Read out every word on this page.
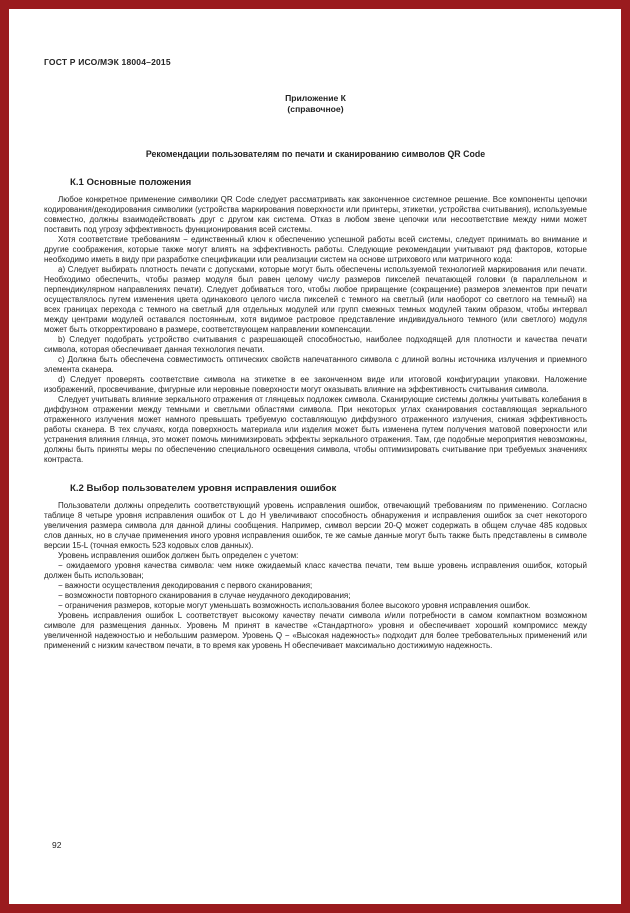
ГОСТ Р ИСО/МЭК 18004–2015
Приложение К
(справочное)
Рекомендации пользователям по печати и сканированию символов QR Code
К.1 Основные положения

Любое конкретное применение символики QR Code следует рассматривать как законченное системное решение. Все компоненты цепочки кодирования/декодирования символики (устройства маркирования поверхности или принтеры, этикетки, устройства считывания), используемые совместно, должны взаимодействовать друг с другом как система. Отказ в любом звене цепочки или несоответствие между ними может поставить под угрозу эффективность функционирования всей системы.

Хотя соответствие требованиям − единственный ключ к обеспечению успешной работы всей системы, следует принимать во внимание и другие соображения, которые также могут влиять на эффективность работы. Следующие рекомендации учитывают ряд факторов, которые необходимо иметь в виду при разработке спецификации или реализации систем на основе штрихового или матричного кода:

a) Следует выбирать плотность печати с допусками, которые могут быть обеспечены используемой технологией маркирования или печати. Необходимо обеспечить, чтобы размер модуля был равен целому числу размеров пикселей печатающей головки (в параллельном и перпендикулярном направлениях печати). Следует добиваться того, чтобы любое приращение (сокращение) размеров элементов при печати осуществлялось путем изменения цвета одинакового целого числа пикселей с темного на светлый (или наоборот со светлого на темный) на всех границах перехода с темного на светлый для отдельных модулей или групп смежных темных модулей таким образом, чтобы интервал между центрами модулей оставался постоянным, хотя видимое растровое представление индивидуального темного (или светлого) модуля может быть откорректировано в размере, соответствующем направлении компенсации.

b) Следует подобрать устройство считывания с разрешающей способностью, наиболее подходящей для плотности и качества печати символа, которая обеспечивает данная технология печати.

c) Должна быть обеспечена совместимость оптических свойств напечатанного символа с длиной волны источника излучения и приемного элемента сканера.

d) Следует проверять соответствие символа на этикетке в ее законченном виде или итоговой конфигурации упаковки. Наложение изображений, просвечивание, фигурные или неровные поверхности могут оказывать влияние на эффективность считывания символа.

Следует учитывать влияние зеркального отражения от глянцевых подложек символа. Сканирующие системы должны учитывать колебания в диффузном отражении между темными и светлыми областями символа. При некоторых углах сканирования составляющая зеркального отраженного излучения может намного превышать требуемую составляющую диффузного отраженного излучения, снижая эффективность работы сканера. В тех случаях, когда поверхность материала или изделия может быть изменена путем получения матовой поверхности или устранения влияния глянца, это может помочь минимизировать эффекты зеркального отражения. Там, где подобные мероприятия невозможны, должны быть приняты меры по обеспечению специального освещения символа, чтобы оптимизировать считывание при требуемых значениях контраста.

К.2 Выбор пользователем уровня исправления ошибок

Пользователи должны определить соответствующий уровень исправления ошибок, отвечающий требованиям по применению. Согласно таблице 8 четыре уровня исправления ошибок от L до H увеличивают способность обнаружения и исправления ошибок за счет некоторого увеличения размера символа для данной длины сообщения. Например, символ версии 20-Q может содержать в общем случае 485 кодовых слов данных, но в случае применения иного уровня исправления ошибок, те же самые данные могут быть также быть представлены в символе версии 15-L (точная емкость 523 кодовых слов данных).

Уровень исправления ошибок должен быть определен с учетом:

− ожидаемого уровня качества символа: чем ниже ожидаемый класс качества печати, тем выше уровень исправления ошибок, который должен быть использован;

− важности осуществления декодирования с первого сканирования;

− возможности повторного сканирования в случае неудачного декодирования;

− ограничения размеров, которые могут уменьшать возможность использования более высокого уровня исправления ошибок.

Уровень исправления ошибок L соответствует высокому качеству печати символа и/или потребности в самом компактном возможном символе для размещения данных. Уровень M принят в качестве «Стандартного» уровня и обеспечивает хороший компромисс между увеличенной надежностью и небольшим размером. Уровень Q − «Высокая надежность» подходит для более требовательных применений или применений с низким качеством печати, в то время как уровень H обеспечивает максимально достижимую надежность.

92
